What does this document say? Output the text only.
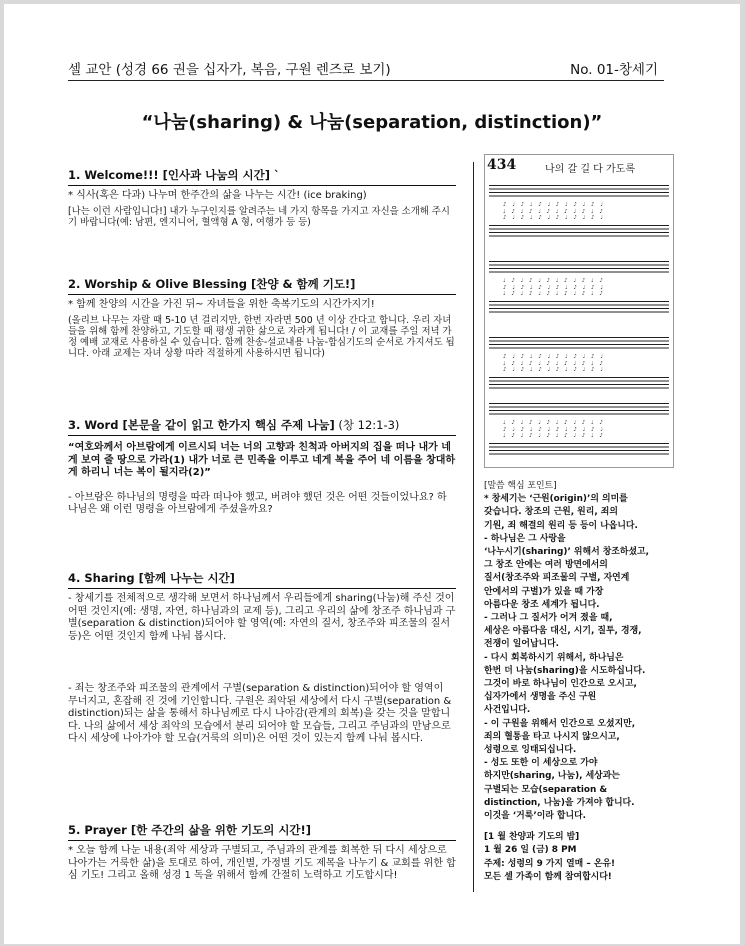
셀 교안 (성경 66 권을 십자가, 복음, 구원 렌즈로 보기)	No. 01-창세기
“나눔(sharing) & 나눔(separation, distinction)”
1. Welcome!!! [인사과 나눔의 시간] `

* 식사(혹은 다과) 나누며 한주간의 삶을 나누는 시간! (ice braking)

[나는 이런 사람입니다!] 내가 누구인지를 알려주는 네 가지 항목을 가지고 자신을 소개해 주시기 바랍니다(예: 남편, 엔지니어, 혈액형 A 형, 여행가 등 등)

2. Worship & Olive Blessing [찬양 & 함께 기도!]

* 함께 찬양의 시간을 가진 뒤~ 자녀들을 위한 축복기도의 시간가지기!

(올리브 나무는 자랄 때 5-10 년 걸리지만, 한번 자라면 500 년 이상 간다고 합니다. 우리 자녀들을 위해 함께 찬양하고, 기도할 때 평생 귀한 삶으로 자라게 됩니다! / 이 교재를 주일 저녁 가정 예배 교재로 사용하실 수 있습니다. 함께 찬송-설교내용 나눔-합심기도의 순서로 가지셔도 됩니다. 아래 교제는 자녀 상황 따라 적절하게 사용하시면 됩니다)

3. Word [본문을 같이 읽고 한가지 핵심 주제 나눔] (창 12:1-3)

“여호와께서 아브람에게 이르시되 너는 너의 고향과 친척과 아버지의 집을 떠나 내가 네게 보여 줄 땅으로 가라(1) 내가 너로 큰 민족을 이루고 네게 복을 주어 네 이름을 창대하게 하리니 너는 복이 될지라(2)”

- 아브람은 하나님의 명령을 따라 떠나야 했고, 버려야 했던 것은 어떤 것들이었나요? 하나님은 왜 이런 명령을 아브람에게 주셨을까요?

4. Sharing [함께 나누는 시간]

- 창세기를 전체적으로 생각해 보면서 하나님께서 우리들에게 sharing(나눔)해 주신 것이 어떤 것인지(예: 생명, 자연, 하나님과의 교제 등), 그리고 우리의 삶에 창조주 하나님과 구별(separation & distinction)되어야 할 영역(예: 자연의 질서, 창조주와 피조물의 질서 등)은 어떤 것인지 함께 나눠 봅시다.

- 죄는 창조주와 피조물의 관계에서 구별(separation & distinction)되어야 할 영역이 무너지고, 혼잡해 진 것에 기인합니다. 구원은 죄악된 세상에서 다시 구별(separation & distinction)되는 삶을 통해서 하나님께로 다시 나아감(관계의 회복)을 갖는 것을 말합니다. 나의 삶에서 세상 죄악의 모습에서 분리 되어야 할 모습들, 그리고 주님과의 만남으로 다시 세상에 나아가야 할 모습(거룩의 의미)은 어떤 것이 있는지 함께 나눠 봅시다.

5. Prayer [한 주간의 삶을 위한 기도의 시간!]

* 오늘 함께 나눈 내용(죄악 세상과 구별되고, 주님과의 관계를 회복한 뒤 다시 세상으로 나아가는 거룩한 삶)을 토대로 하여, 개인별, 가정별 기도 제목을 나누기 & 교회를 위한 합심 기도! 그리고 올해 성경 1 독을 위해서 함께 간절히 노력하고 기도합시다!

434	나의 갈 길 다 가도록
♪ ♩ ♪ ♩ ♪ ♩ ♪ ♩ ♪ ♩ ♪ ♩
♩ ♪ ♩ ♪ ♩ ♪ ♩ ♪ ♩ ♪ ♩ ♪
♪ ♩ ♪ ♩ ♪ ♩ ♪ ♩ ♪ ♩ ♪ ♩
♩ ♪ ♩ ♪ ♩ ♪ ♩ ♪ ♩ ♪ ♩ ♪
♪ ♩ ♪ ♩ ♪ ♩ ♪ ♩ ♪ ♩ ♪ ♩
♩ ♪ ♩ ♪ ♩ ♪ ♩ ♪ ♩ ♪ ♩ ♪
♪ ♩ ♪ ♩ ♪ ♩ ♪ ♩ ♪ ♩ ♪ ♩
♩ ♪ ♩ ♪ ♩ ♪ ♩ ♪ ♩ ♪ ♩ ♪
♪ ♩ ♪ ♩ ♪ ♩ ♪ ♩ ♪ ♩ ♪ ♩
♩ ♪ ♩ ♪ ♩ ♪ ♩ ♪ ♩ ♪ ♩ ♪
♪ ♩ ♪ ♩ ♪ ♩ ♪ ♩ ♪ ♩ ♪ ♩
♩ ♪ ♩ ♪ ♩ ♪ ♩ ♪ ♩ ♪ ♩ ♪

[말씀 핵심 포인트]

* 창세기는 ‘근원(origin)’의 의미를

갖습니다. 창조의 근원, 원리, 죄의

기원, 죄 해결의 원리 등 등이 나옵니다.

- 하나님은 그 사랑을

‘나누시기(sharing)’ 위해서 창조하셨고,

그 창조 안에는 여러 방면에서의

질서(창조주와 피조물의 구별, 자연계

안에서의 구별)가 있을 때 가장

아름다운 창조 세계가 됩니다.

- 그러나 그 질서가 어겨 졌을 때,

세상은 아름다움 대신, 시기, 질투, 경쟁,

전쟁이 일어납니다.

- 다시 회복하시기 위해서, 하나님은

한번 더 나눔(sharing)을 시도하십니다.

그것이 바로 하나님이 인간으로 오시고,

십자가에서 생명을 주신 구원

사건입니다.

- 이 구원을 위해서 인간으로 오셨지만,

죄의 혈통을 타고 나시지 않으시고,

성령으로 잉태되십니다.

- 성도 또한 이 세상으로 가야

하지만(sharing, 나눔), 세상과는

구별되는 모습(separation &

distinction, 나눔)을 가져야 합니다.

이것을 ‘거룩’이라 합니다.

[1 월 찬양과 기도의 밤]

1 월 26 일 (금) 8 PM

주제: 성령의 9 가지 열매 – 온유!

모든 셀 가족이 함께 참여합시다!
